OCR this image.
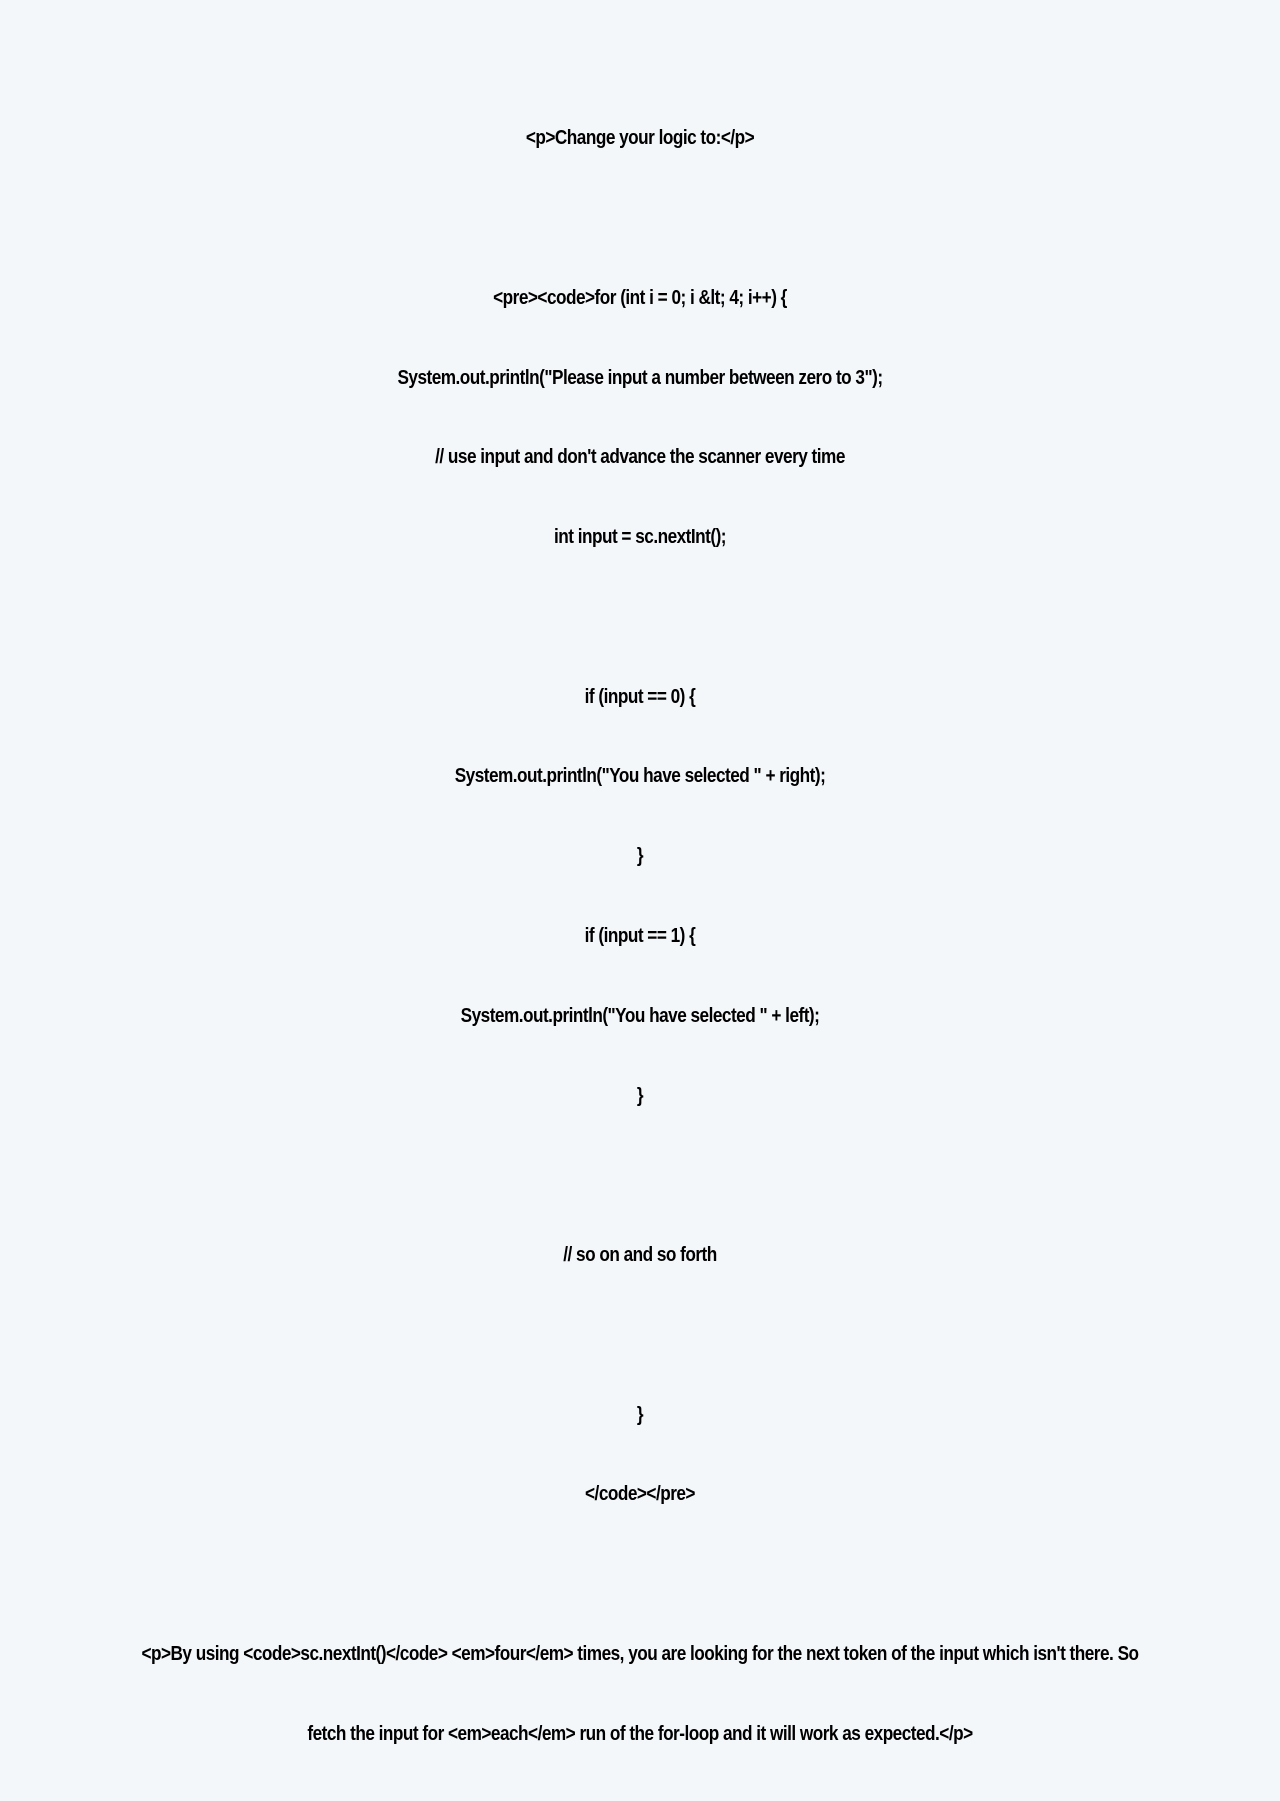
<p>Change your logic to:</p>

<pre><code>for (int i = 0; i &lt; 4; i++) {

System.out.println("Please input a number between zero to 3");

// use input and don't advance the scanner every time

int input = sc.nextInt();

if (input == 0) {

System.out.println("You have selected " + right);

}

if (input == 1) {

System.out.println("You have selected " + left);

}

// so on and so forth

}

</code></pre>

<p>By using <code>sc.nextInt()</code> <em>four</em> times, you are looking for the next token of the input which isn't there. So

fetch the input for <em>each</em> run of the for-loop and it will work as expected.</p>
